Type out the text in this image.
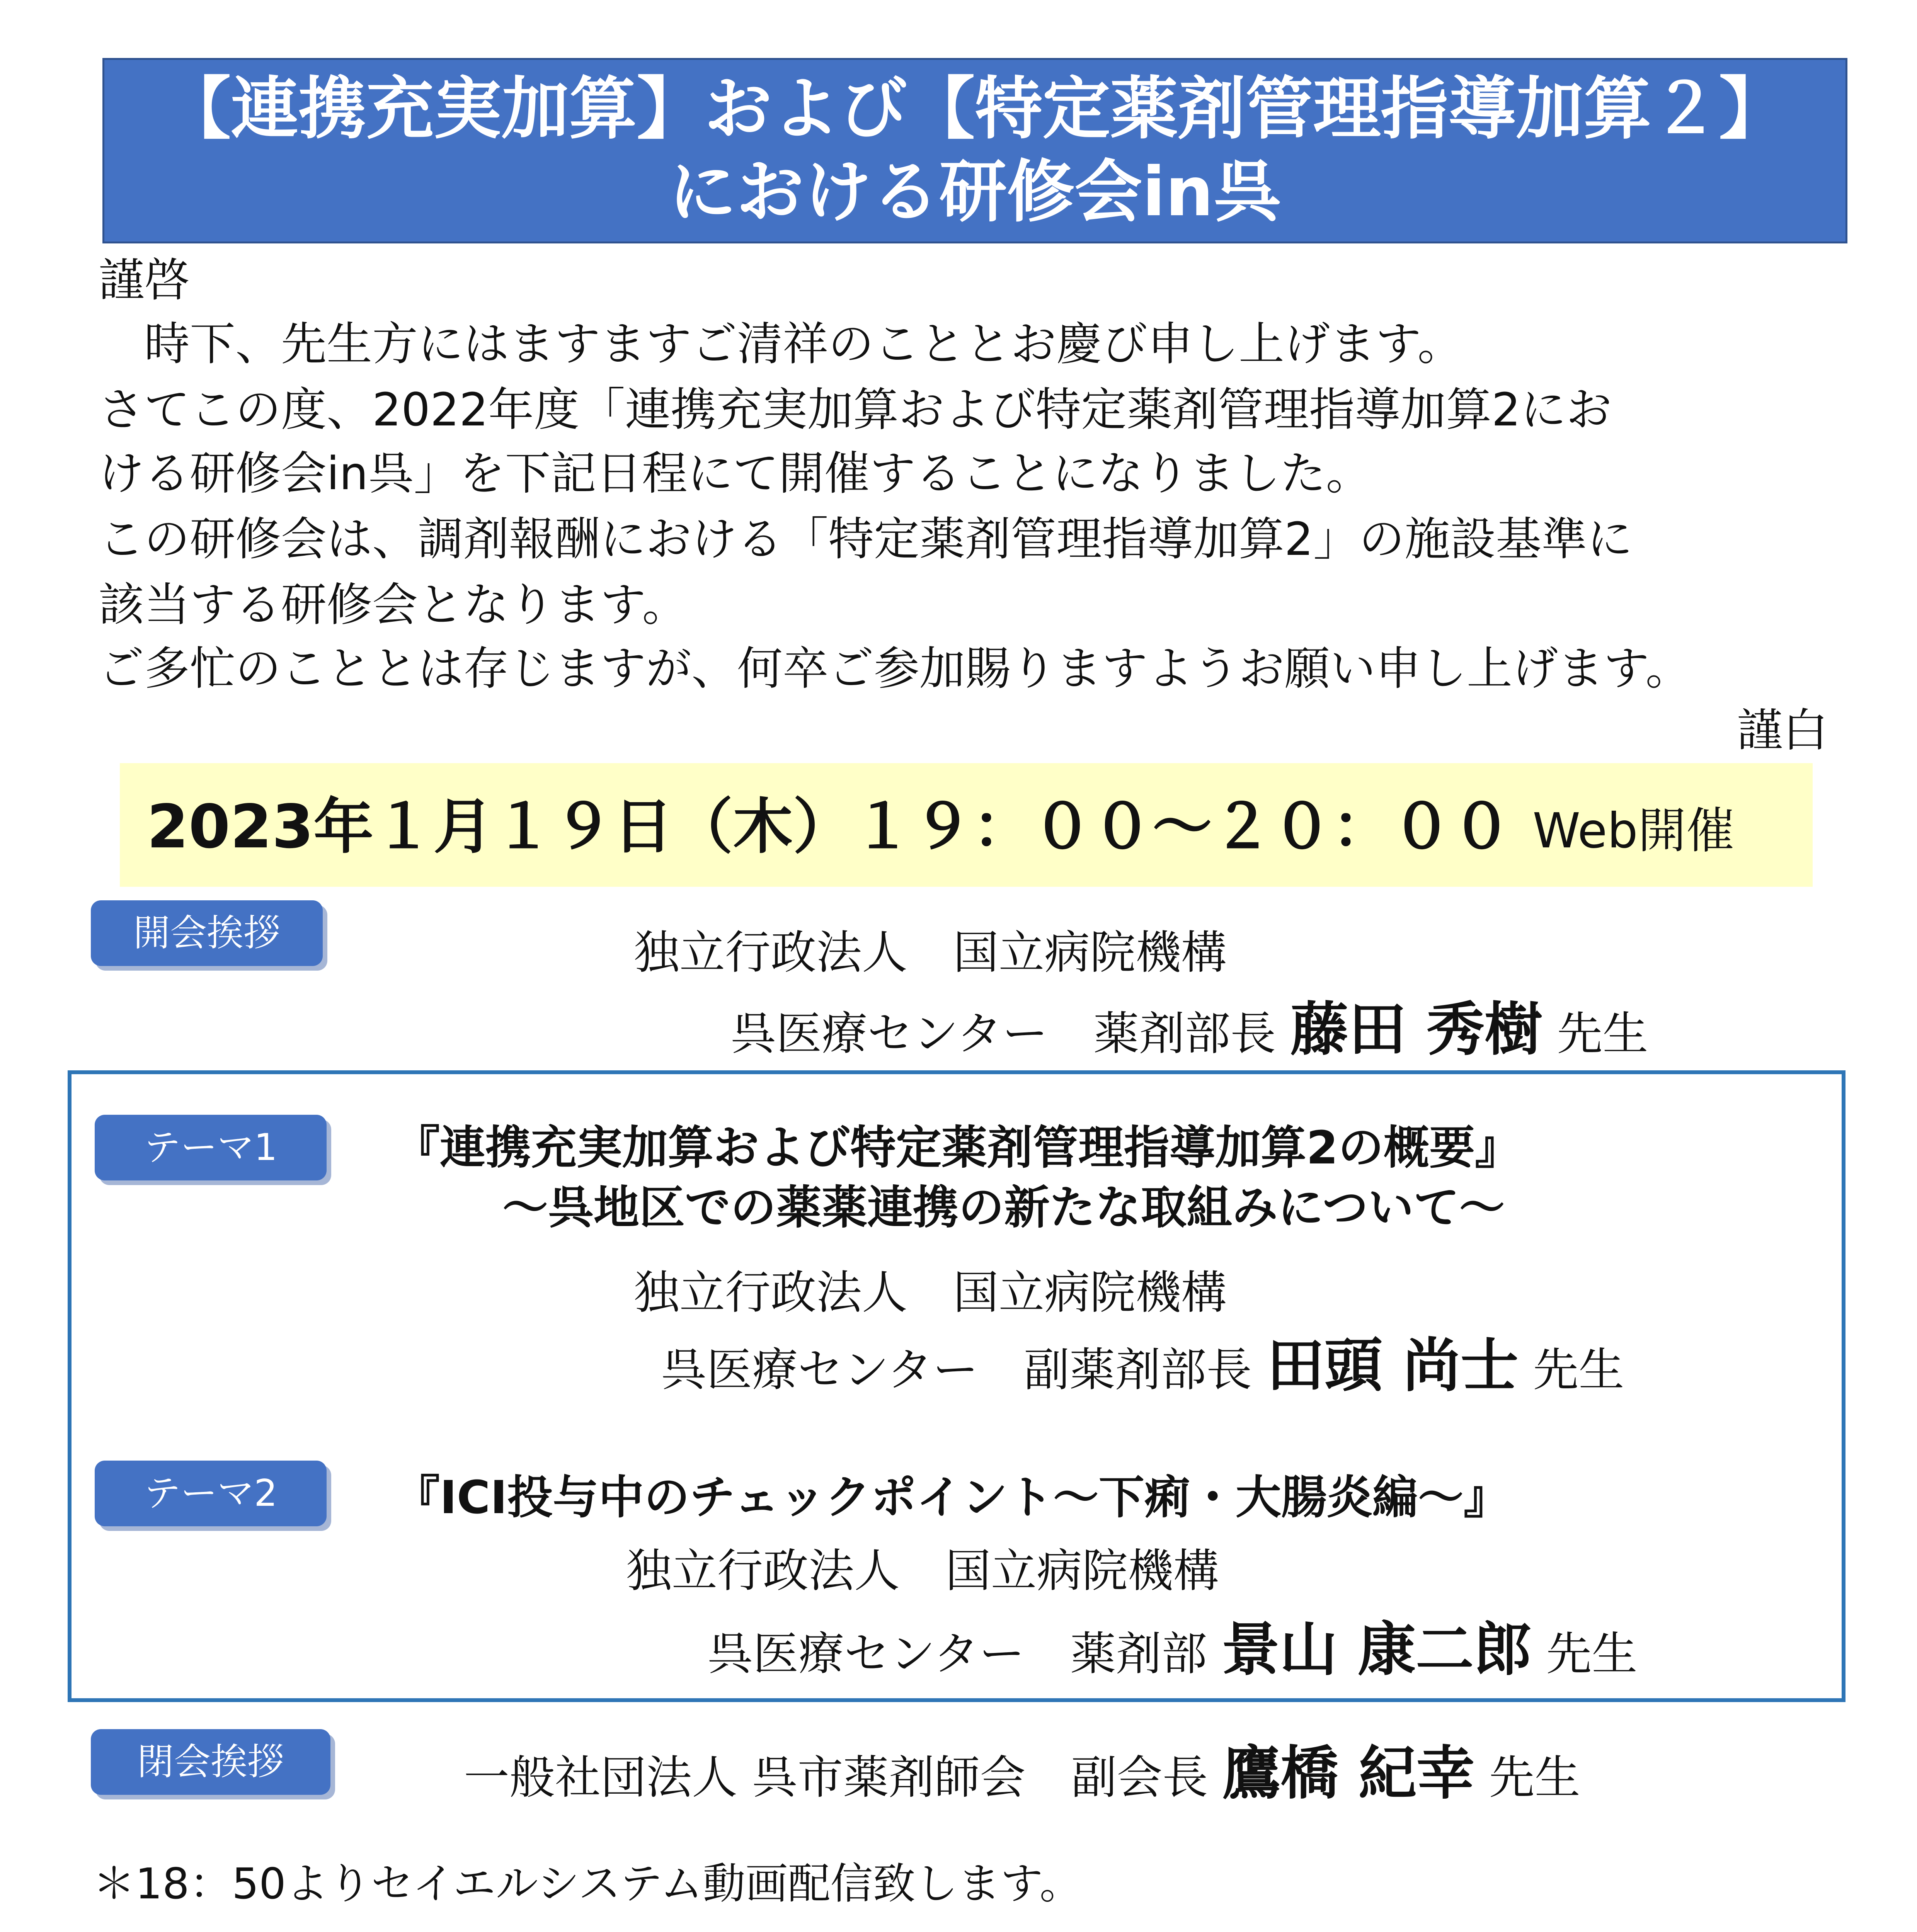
【連携充実加算】および【特定薬剤管理指導加算２】
における研修会in呉
謹啓
　時下、先生方にはますますご清祥のこととお慶び申し上げます。
さてこの度、2022年度「連携充実加算および特定薬剤管理指導加算2にお
ける研修会in呉」を下記日程にて開催することになりました。
この研修会は、調剤報酬における「特定薬剤管理指導加算2」の施設基準に
該当する研修会となります。
ご多忙のこととは存じますが、何卒ご参加賜りますようお願い申し上げます。
謹白
2023年１月１９日（木）１９：００～２０：００ Web開催
開会挨拶	独立行政法人　国立病院機構
呉医療センター　薬剤部長 藤田 秀樹 先生
テーマ1	『連携充実加算および特定薬剤管理指導加算2の概要』
～呉地区での薬薬連携の新たな取組みについて～
独立行政法人　国立病院機構
呉医療センター　副薬剤部長 田頭 尚士 先生
テーマ2	『ICI投与中のチェックポイント～下痢・大腸炎編～』
独立行政法人　国立病院機構
呉医療センター　薬剤部 景山 康二郎 先生
閉会挨拶	一般社団法人 呉市薬剤師会　副会長 鷹橋 紀幸 先生
＊18：50よりセイエルシステム動画配信致します。
